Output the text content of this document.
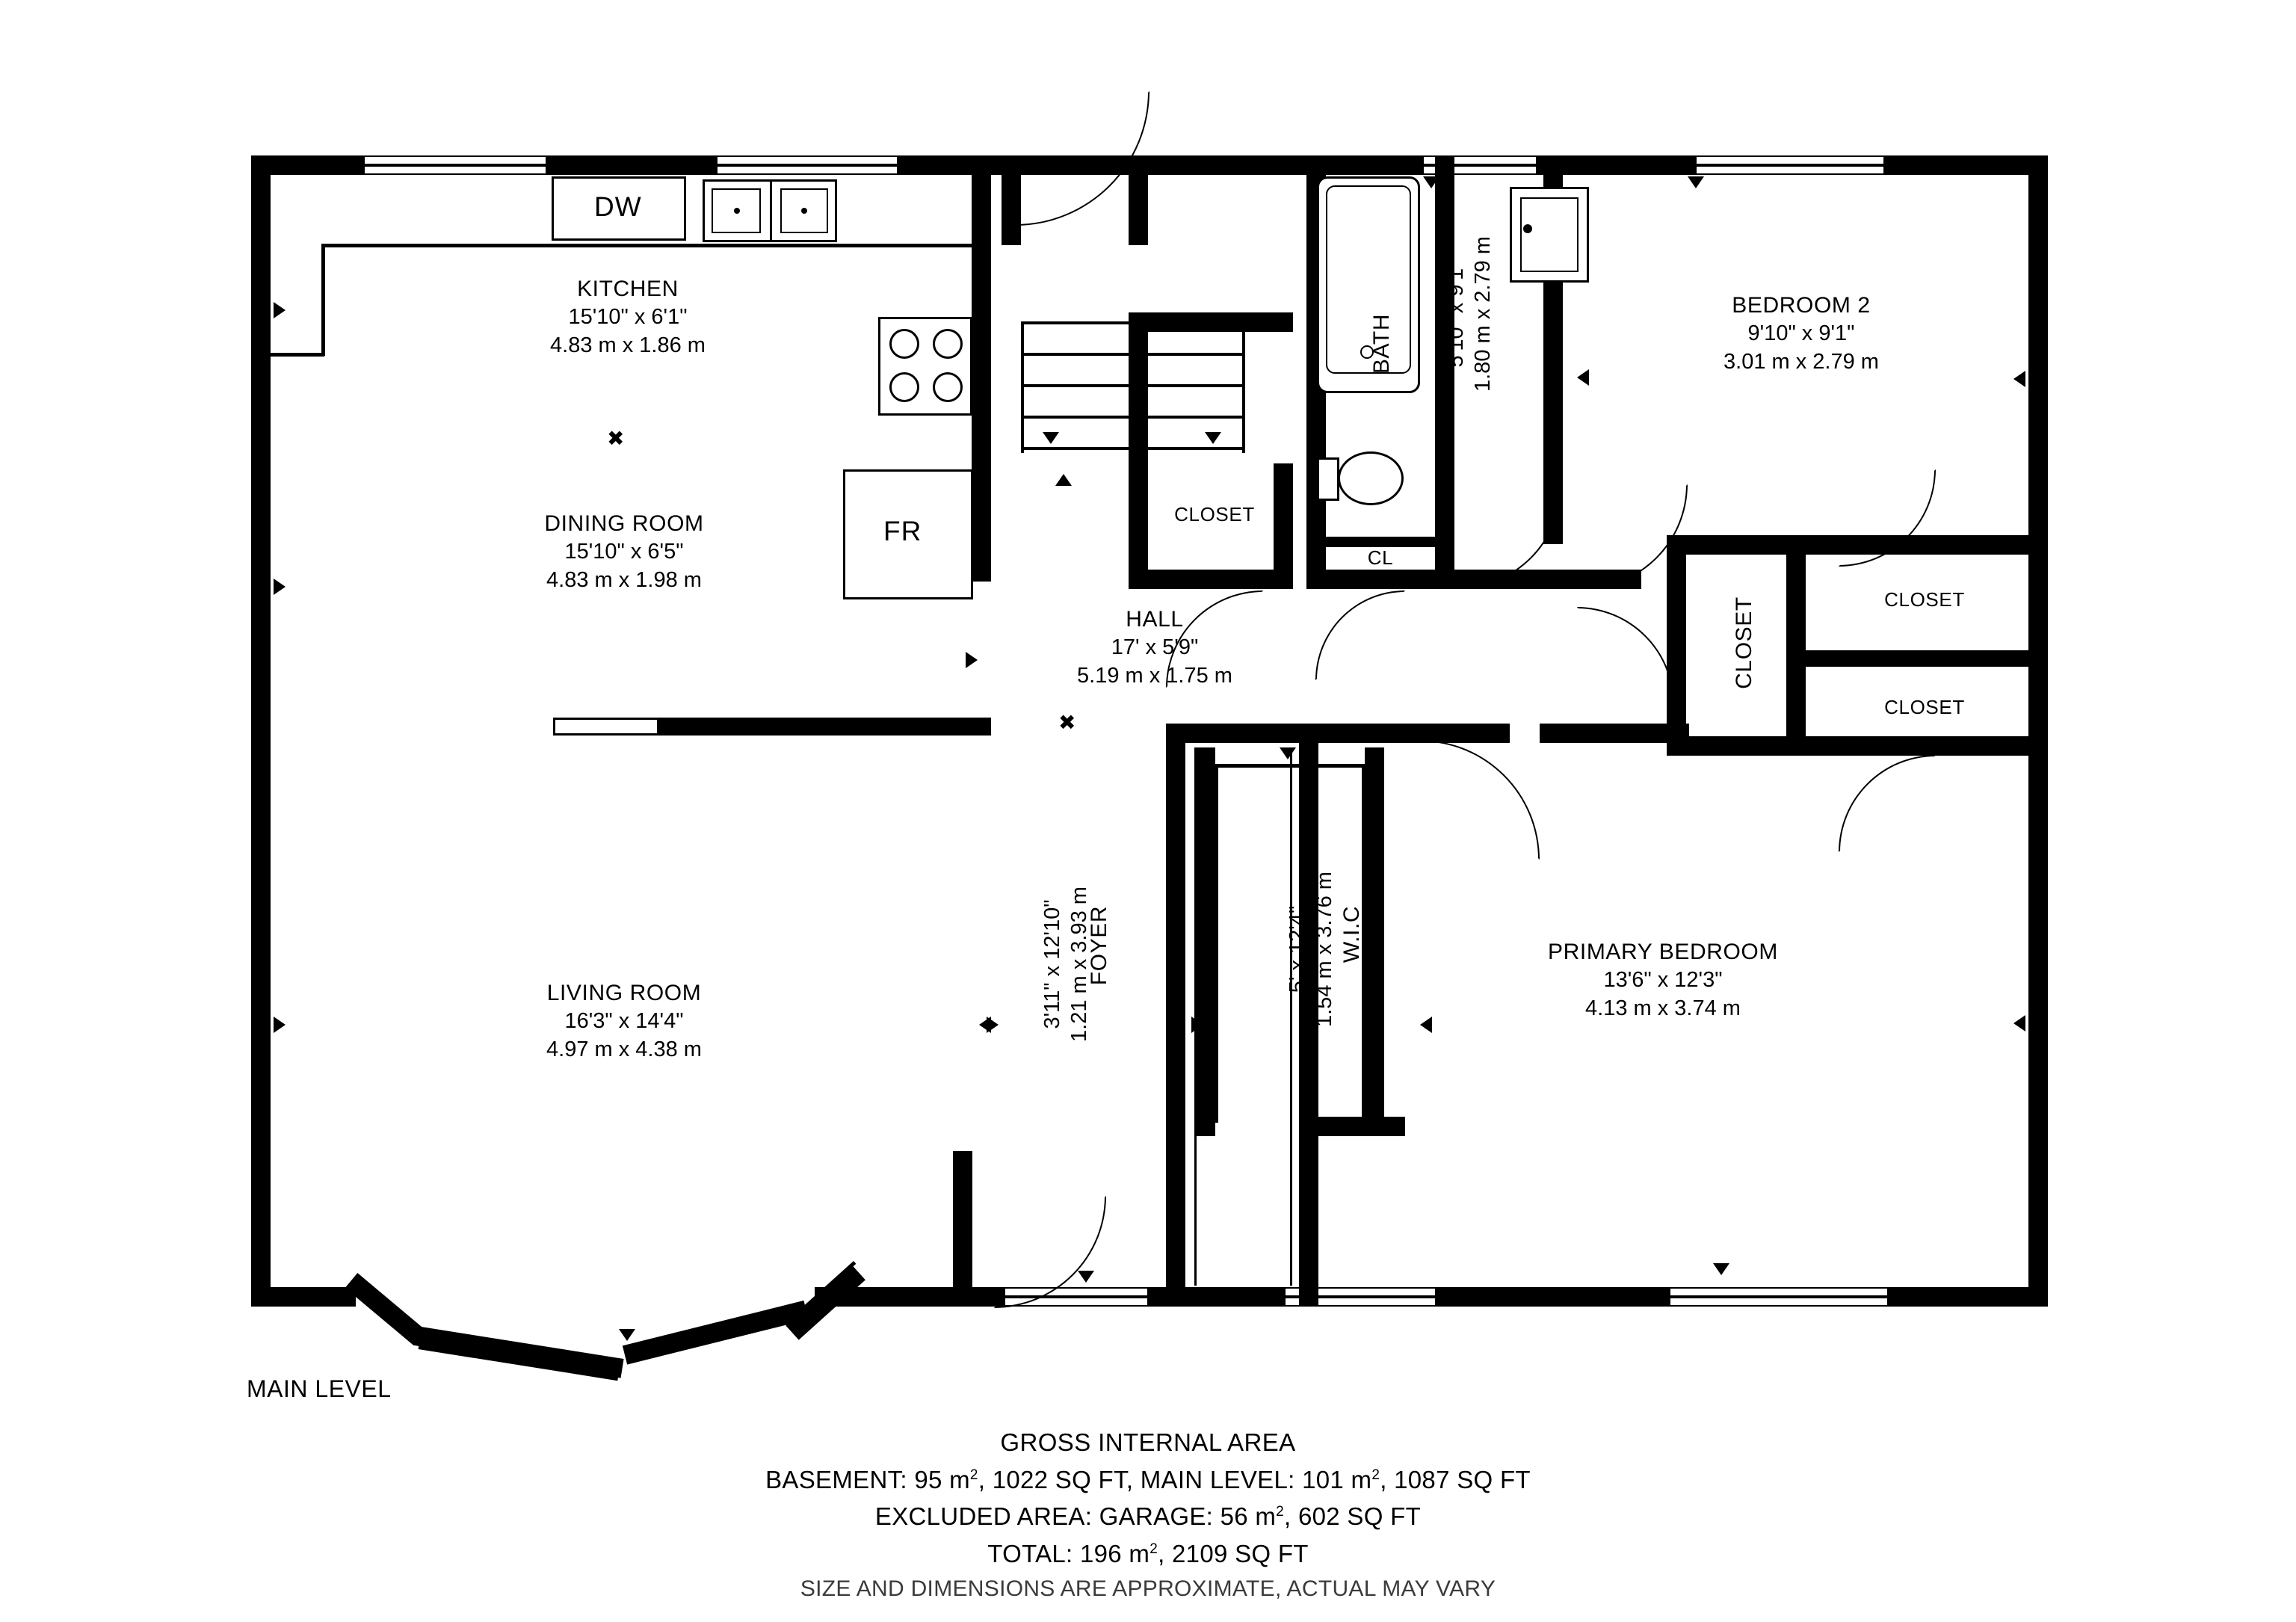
DW
FR
✖
✖
KITCHEN
15'10" x 6'1"
4.83 m x 1.86 m
DINING ROOM
15'10" x 6'5"
4.83 m x 1.98 m
LIVING ROOM
16'3" x 14'4"
4.97 m x 4.38 m
HALL
17' x 5'9"
5.19 m x 1.75 m
BEDROOM 2
9'10" x 9'1"
3.01 m x 2.79 m
PRIMARY BEDROOM
13'6" x 12'3"
4.13 m x 3.74 m
BATH 5'10" x 9'1" 1.80 m x 2.79 m
FOYER
3'11" x 12'10" 1.21 m x 3.93 m	W.I.C
5' x 12'4" 1.54 m x 3.76 m
CLOSET
CL
CLOSET	CLOSET
CLOSET
MAIN LEVEL
GROSS INTERNAL AREA
BASEMENT: 95 $m^2$, 1022 SQ FT, MAIN LEVEL: 101 $m^2$, 1087 SQ FT
EXCLUDED AREA: GARAGE: 56 $m^2$, 602 SQ FT
TOTAL: 196 $m^2$, 2109 SQ FT
SIZE AND DIMENSIONS ARE APPROXIMATE, ACTUAL MAY VARY
